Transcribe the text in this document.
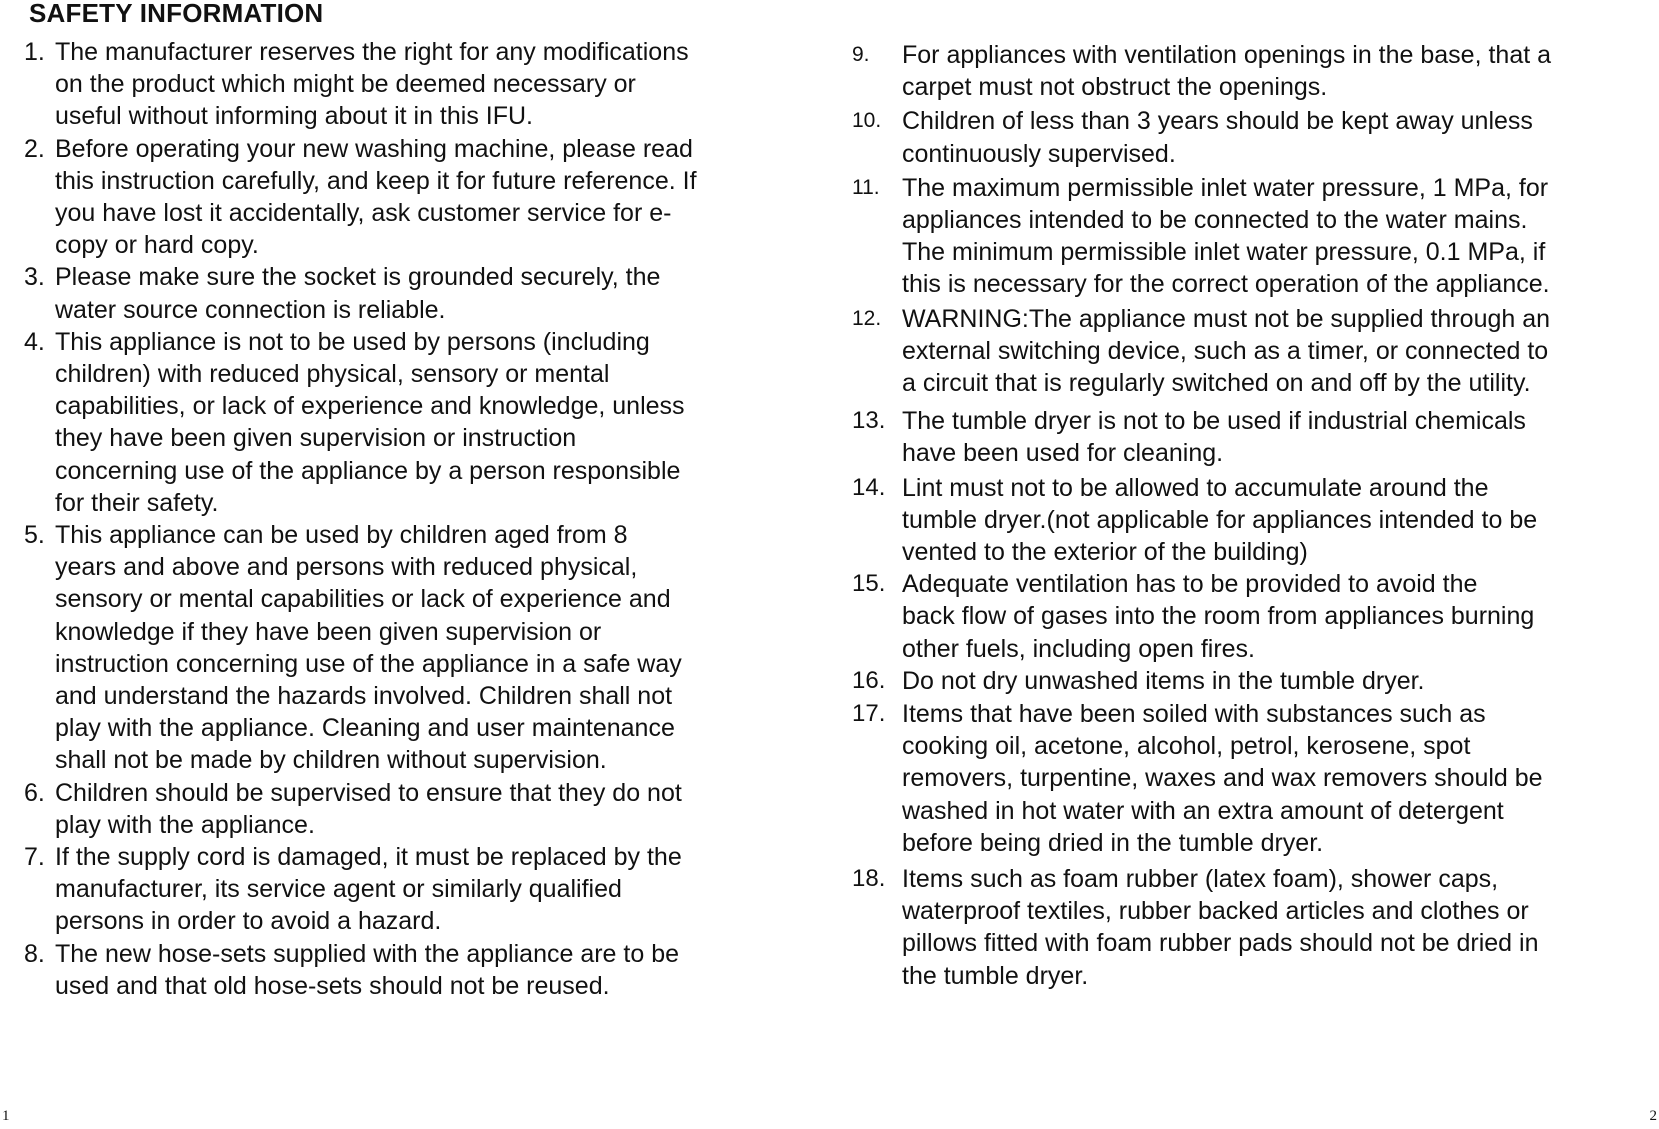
SAFETY INFORMATION
1. The manufacturer reserves the right for any modifications
on the product which might be deemed necessary or
useful without informing about it in this IFU.
2. Before operating your new washing machine, please read
this instruction carefully, and keep it for future reference. If
you have lost it accidentally, ask customer service for e-
copy or hard copy.
3. Please make sure the socket is grounded securely, the
water source connection is reliable.
4. This appliance is not to be used by persons (including
children) with reduced physical, sensory or mental
capabilities, or lack of experience and knowledge, unless
they have been given supervision or instruction
concerning use of the appliance by a person responsible
for their safety.
5. This appliance can be used by children aged from 8
years and above and persons with reduced physical,
sensory or mental capabilities or lack of experience and
knowledge if they have been given supervision or
instruction concerning use of the appliance in a safe way
and understand the hazards involved. Children shall not
play with the appliance. Cleaning and user maintenance
shall not be made by children without supervision.
6. Children should be supervised to ensure that they do not
play with the appliance.
7. If the supply cord is damaged, it must be replaced by the
manufacturer, its service agent or similarly qualified
persons in order to avoid a hazard.
8. The new hose-sets supplied with the appliance are to be
used and that old hose-sets should not be reused.
9. For appliances with ventilation openings in the base, that a
carpet must not obstruct the openings.
10. Children of less than 3 years should be kept away unless
continuously supervised.
11. The maximum permissible inlet water pressure, 1 MPa, for
appliances intended to be connected to the water mains.
The minimum permissible inlet water pressure, 0.1 MPa, if
this is necessary for the correct operation of the appliance.
12. WARNING:The appliance must not be supplied through an
external switching device, such as a timer, or connected to
a circuit that is regularly switched on and off by the utility.
13. The tumble dryer is not to be used if industrial chemicals
have been used for cleaning.
14. Lint must not to be allowed to accumulate around the
tumble dryer.(not applicable for appliances intended to be
vented to the exterior of the building)
15. Adequate ventilation has to be provided to avoid the
back flow of gases into the room from appliances burning
other fuels, including open fires.
16. Do not dry unwashed items in the tumble dryer.
17. Items that have been soiled with substances such as
cooking oil, acetone, alcohol, petrol, kerosene, spot
removers, turpentine, waxes and wax removers should be
washed in hot water with an extra amount of detergent
before being dried in the tumble dryer.
18. Items such as foam rubber (latex foam), shower caps,
waterproof textiles, rubber backed articles and clothes or
pillows fitted with foam rubber pads should not be dried in
the tumble dryer.
1	2
